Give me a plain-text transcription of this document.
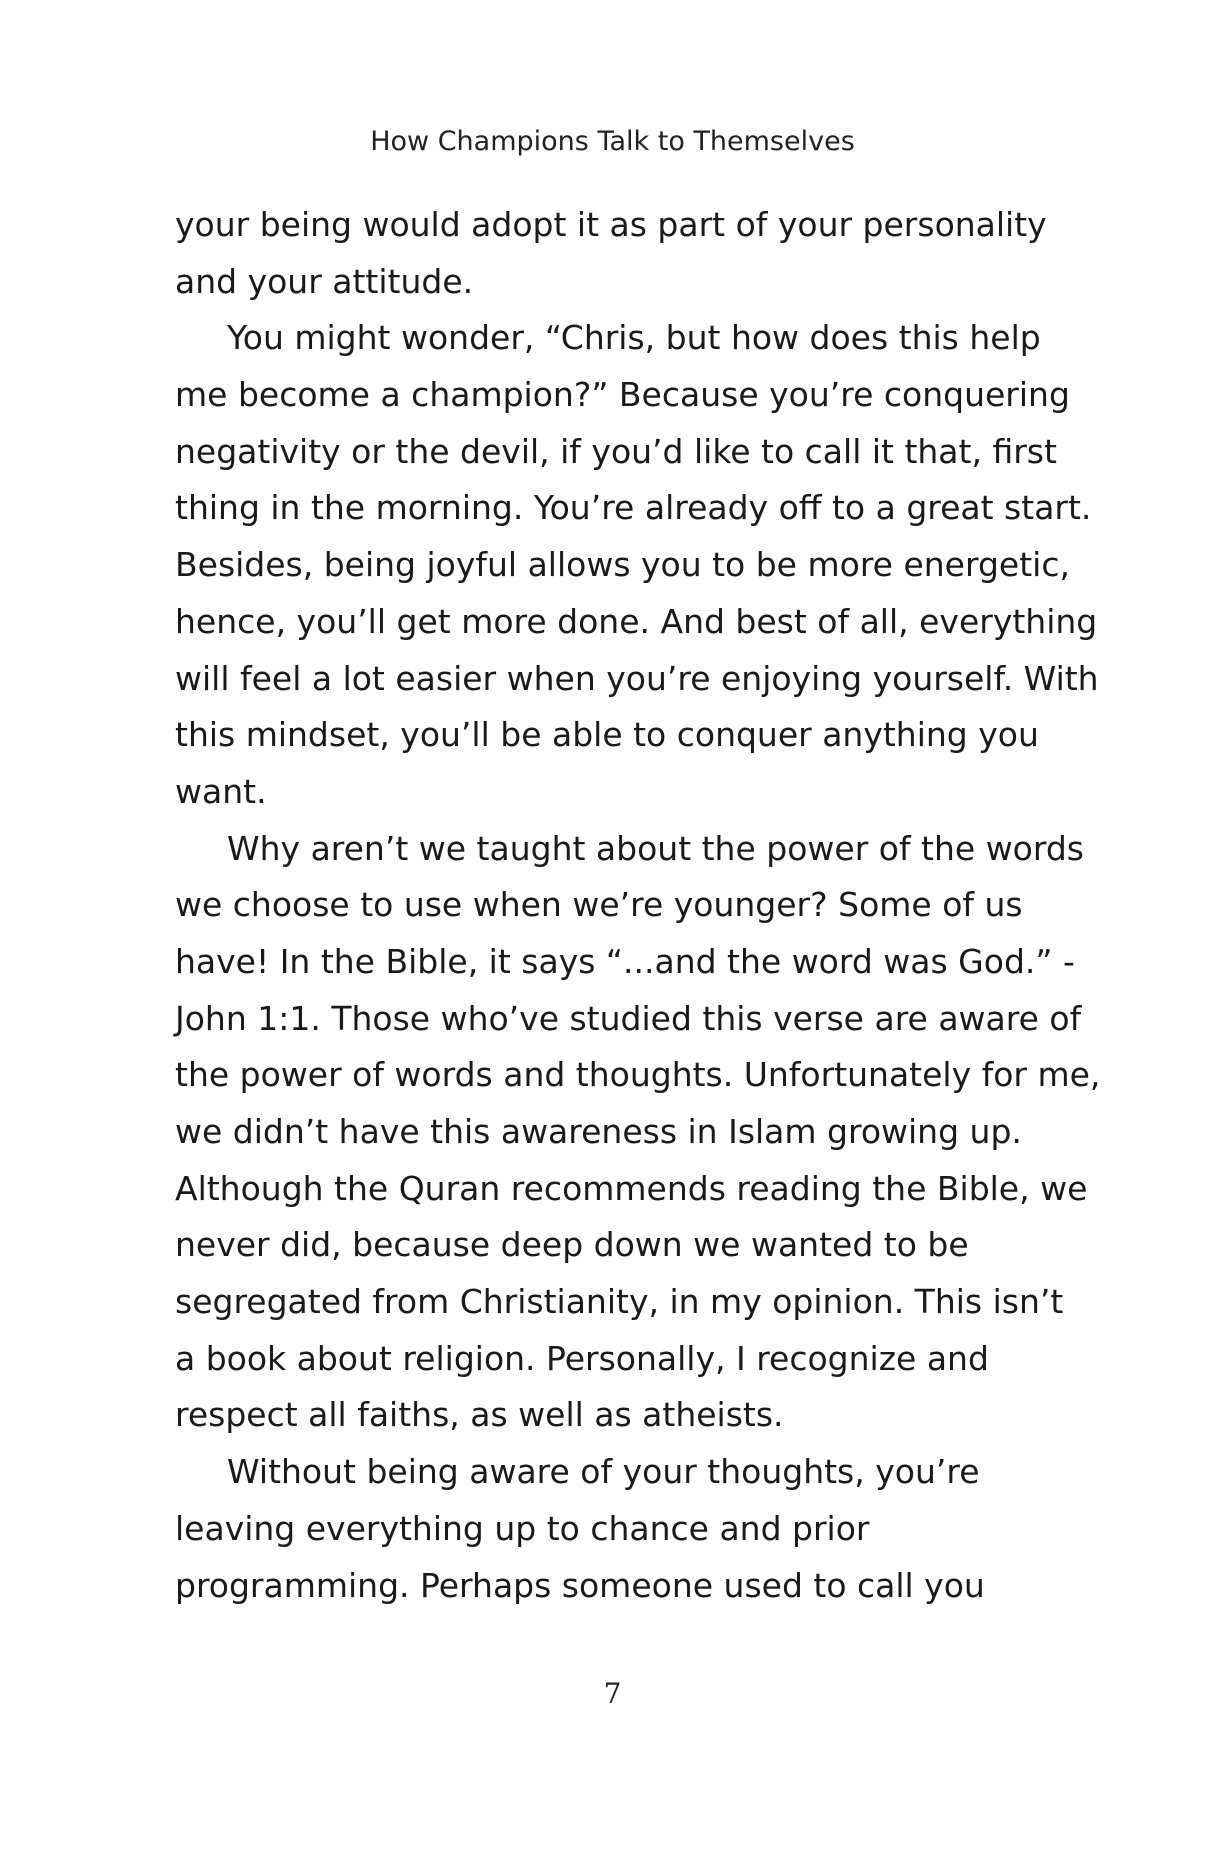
How Champions Talk to Themselves
your being would adopt it as part of your personality
and your attitude.
You might wonder, “Chris, but how does this help
me become a champion?” Because you’re conquering
negativity or the devil, if you’d like to call it that, first
thing in the morning. You’re already off to a great start.
Besides, being joyful allows you to be more energetic,
hence, you’ll get more done. And best of all, everything
will feel a lot easier when you’re enjoying yourself. With
this mindset, you’ll be able to conquer anything you
want.
Why aren’t we taught about the power of the words
we choose to use when we’re younger? Some of us
have! In the Bible, it says “...and the word was God.” -
John 1:1. Those who’ve studied this verse are aware of
the power of words and thoughts. Unfortunately for me,
we didn’t have this awareness in Islam growing up.
Although the Quran recommends reading the Bible, we
never did, because deep down we wanted to be
segregated from Christianity, in my opinion. This isn’t
a book about religion. Personally, I recognize and
respect all faiths, as well as atheists.
Without being aware of your thoughts, you’re
leaving everything up to chance and prior
programming. Perhaps someone used to call you
7
